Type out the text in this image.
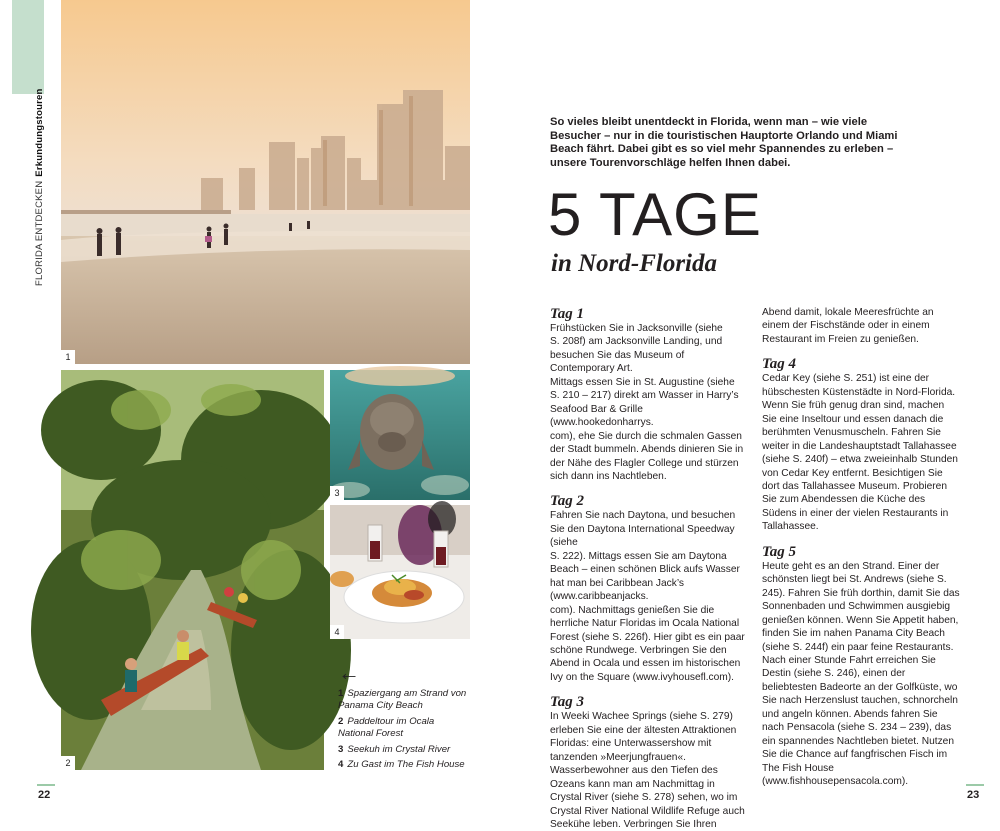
FLORIDA ENTDECKENErkundungstouren
1
2
3
4
←
1 Spaziergang am Strand von Panama City Beach
2 Paddeltour im Ocala National Forest
3 Seekuh im Crystal River
4 Zu Gast im The Fish House
22
So vieles bleibt unentdeckt in Florida, wenn man – wie viele Besucher – nur in die touristischen Hauptorte Orlando und Miami Beach fährt. Dabei gibt es so viel mehr Spannendes zu erleben – unsere Tourenvorschläge helfen Ihnen dabei.
5 TAGE
in Nord-Florida
Tag 1
Frühstücken Sie in Jacksonville (siehe
S. 208f) am Jacksonville Landing, und besuchen Sie das Museum of Contemporary Art.
Mittags essen Sie in St. Augustine (siehe
S. 210 – 217) direkt am Wasser in Harry’s Seafood Bar & Grille (www.hookedonharrys.
com), ehe Sie durch die schmalen Gassen der Stadt bummeln. Abends dinieren Sie in der Nähe des Flagler College und stürzen sich dann ins Nachtleben.
Tag 2
Fahren Sie nach Daytona, und besuchen Sie den Daytona International Speedway (siehe
S. 222). Mittags essen Sie am Daytona Beach – einen schönen Blick aufs Wasser hat man bei Caribbean Jack’s (www.caribbeanjacks.
com). Nachmittags genießen Sie die herrliche Natur Floridas im Ocala National Forest (siehe S. 226f). Hier gibt es ein paar schöne Rundwege. Verbringen Sie den Abend in Ocala und essen im historischen Ivy on the Square (www.ivyhousefl.com).
Tag 3
In Weeki Wachee Springs (siehe S. 279) erleben Sie eine der ältesten Attraktionen Floridas: eine Unterwassershow mit tanzenden »Meerjungfrauen«. Wasserbewohner aus den Tiefen des Ozeans kann man am Nachmittag in Crystal River (siehe S. 278) sehen, wo im Crystal River National Wildlife Refuge auch Seekühe leben. Verbringen Sie Ihren
Abend damit, lokale Meeresfrüchte an einem der Fischstände oder in einem Restaurant im Freien zu genießen.
Tag 4
Cedar Key (siehe S. 251) ist eine der hübschesten Küstenstädte in Nord-Florida. Wenn Sie früh genug dran sind, machen Sie eine Inseltour und essen danach die berühmten Venusmuscheln. Fahren Sie weiter in die Landeshauptstadt Tallahassee (siehe S. 240f) – etwa zweieinhalb Stunden von Cedar Key entfernt. Besichtigen Sie dort das Tallahassee Museum. Probieren Sie zum Abendessen die Küche des Südens in einer der vielen Restaurants in Tallahassee.
Tag 5
Heute geht es an den Strand. Einer der schönsten liegt bei St. Andrews (siehe S. 245). Fahren Sie früh dorthin, damit Sie das Sonnenbaden und Schwimmen ausgiebig genießen können. Wenn Sie Appetit haben, finden Sie im nahen Panama City Beach (siehe S. 244f) ein paar feine Restaurants. Nach einer Stunde Fahrt erreichen Sie Destin (siehe S. 246), einen der beliebtesten Badeorte an der Golfküste, wo Sie nach Herzenslust tauchen, schnorcheln und angeln können. Abends fahren Sie nach Pensacola (siehe S. 234 – 239), das ein spannendes Nachtleben bietet. Nutzen Sie die Chance auf fangfrischen Fisch im The Fish House (www.fishhousepensacola.com).
23
